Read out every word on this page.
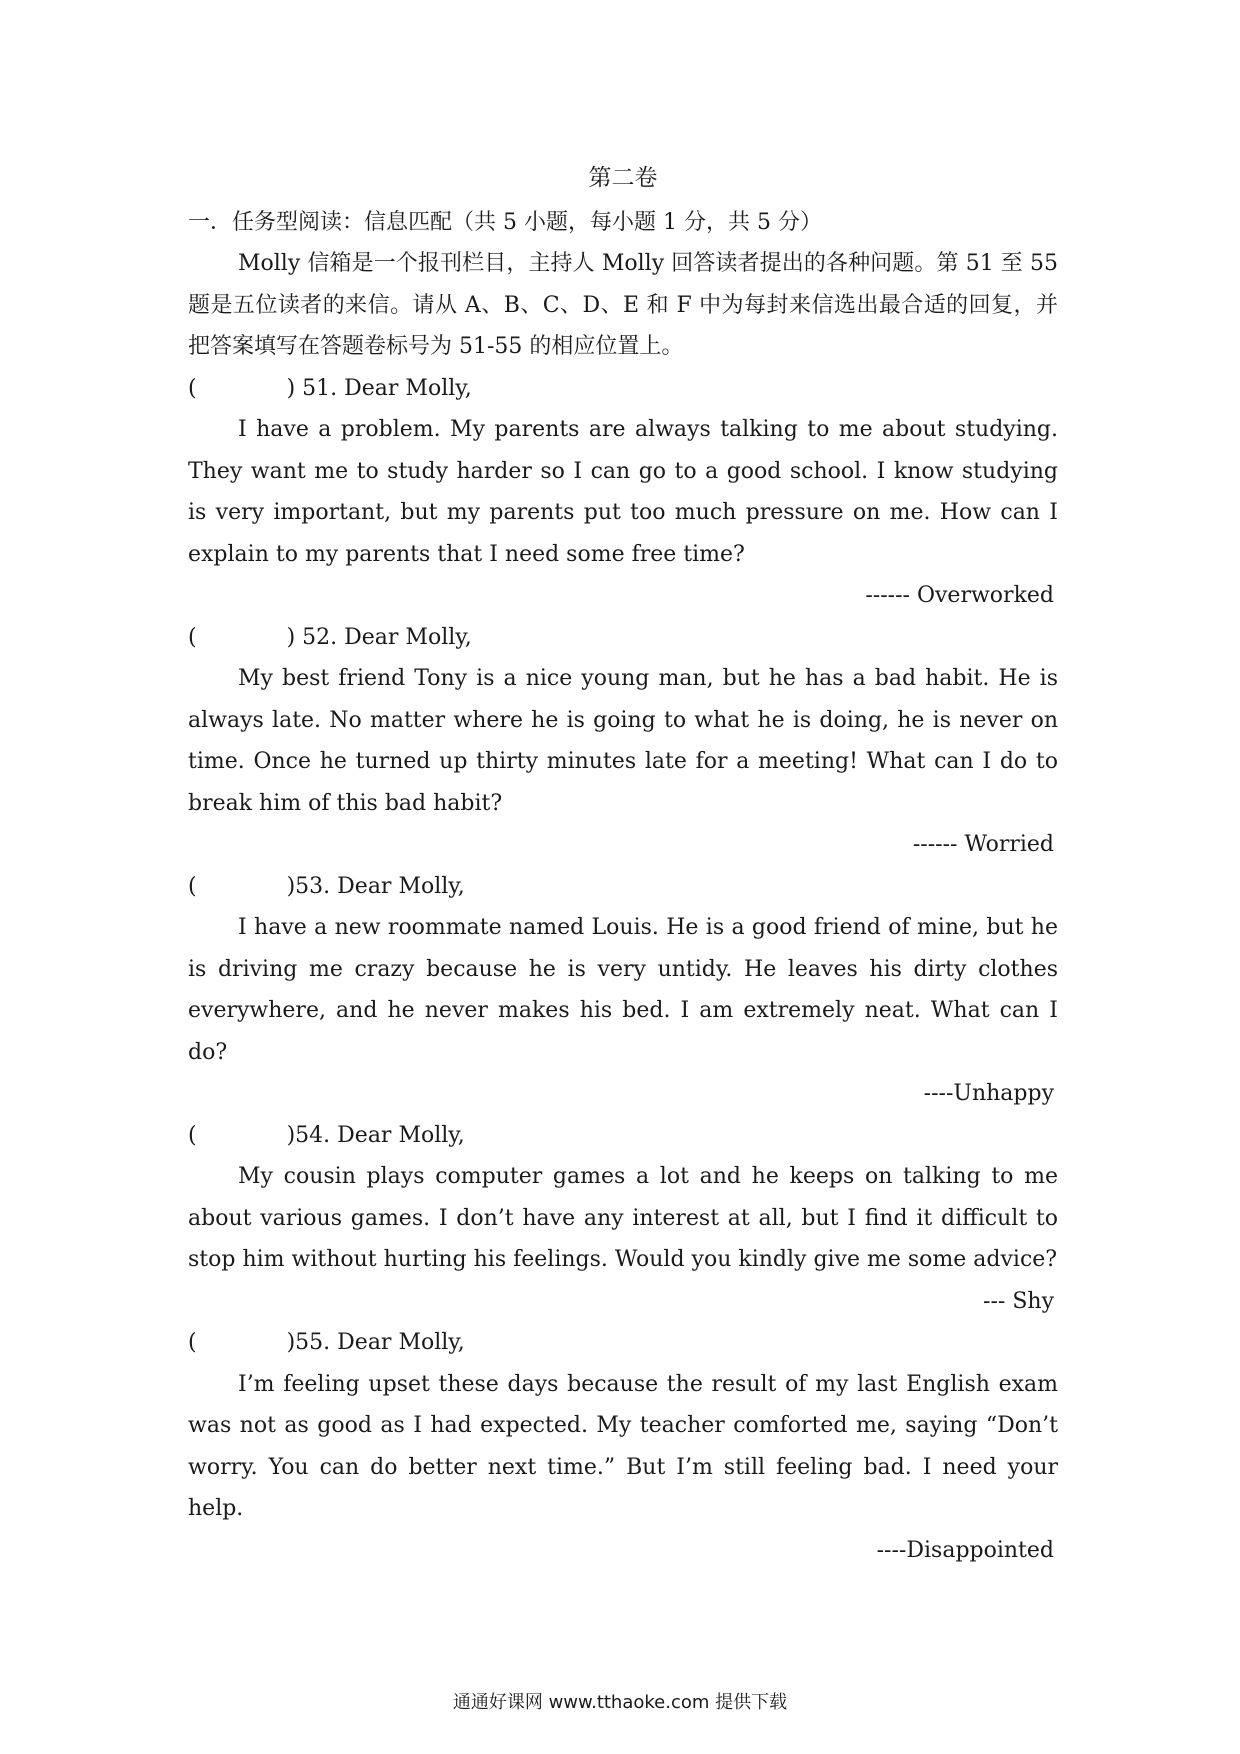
第二卷

一．任务型阅读：信息匹配（共 5 小题，每小题 1 分，共 5 分）

Molly 信箱是一个报刊栏目，主持人 Molly 回答读者提出的各种问题。第 51 至 55 题是五位读者的来信。请从 A、B、C、D、E 和 F 中为每封来信选出最合适的回复，并把答案填写在答题卷标号为 51-55 的相应位置上。

(	) 51. Dear Molly,

I have a problem. My parents are always talking to me about studying. They want me to study harder so I can go to a good school. I know studying is very important, but my parents put too much pressure on me. How can I explain to my parents that I need some free time?

------ Overworked

(	) 52. Dear Molly,

My best friend Tony is a nice young man, but he has a bad habit. He is always late. No matter where he is going to what he is doing, he is never on time. Once he turned up thirty minutes late for a meeting! What can I do to break him of this bad habit?

------ Worried

(	)53. Dear Molly,

I have a new roommate named Louis. He is a good friend of mine, but he is driving me crazy because he is very untidy. He leaves his dirty clothes everywhere, and he never makes his bed. I am extremely neat. What can I do?

----Unhappy

(	)54. Dear Molly,

My cousin plays computer games a lot and he keeps on talking to me about various games. I don’t have any interest at all, but I find it difficult to stop him without hurting his feelings. Would you kindly give me some advice?

--- Shy

(	)55. Dear Molly,

I’m feeling upset these days because the result of my last English exam was not as good as I had expected. My teacher comforted me, saying “Don’t worry. You can do better next time.” But I’m still feeling bad. I need your help.

----Disappointed

通通好课网 www.tthaoke.com 提供下载
